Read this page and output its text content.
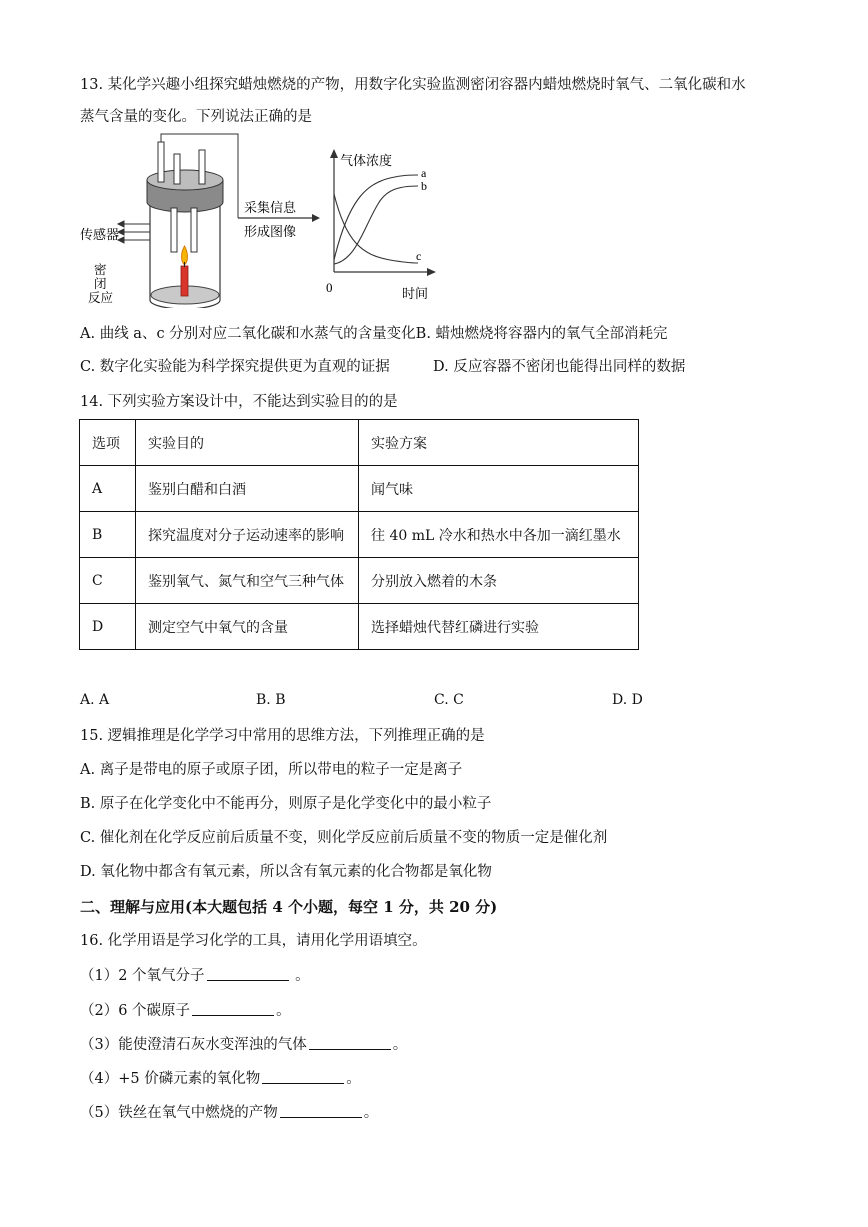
13. 某化学兴趣小组探究蜡烛燃烧的产物，用数字化实验监测密闭容器内蜡烛燃烧时氧气、二氧化碳和水
蒸气含量的变化。下列说法正确的是
传感器
密
闭
反应
采集信息
形成图像
气体浓度
a
b
c
0	时间
A. 曲线 a、c 分别对应二氧化碳和水蒸气的含量变化B. 蜡烛燃烧将容器内的氧气全部消耗完
C. 数字化实验能为科学探究提供更为直观的证据	D. 反应容器不密闭也能得出同样的数据
14. 下列实验方案设计中，不能达到实验目的的是
选项	实验目的	实验方案
A	鉴别白醋和白酒	闻气味
B	探究温度对分子运动速率的影响	往 40 mL 冷水和热水中各加一滴红墨水
C	鉴别氧气、氮气和空气三种气体	分别放入燃着的木条
D	测定空气中氧气的含量	选择蜡烛代替红磷进行实验
A. A	B. B	C. C	D. D
15. 逻辑推理是化学学习中常用的思维方法，下列推理正确的是
A. 离子是带电的原子或原子团，所以带电的粒子一定是离子
B. 原子在化学变化中不能再分，则原子是化学变化中的最小粒子
C. 催化剂在化学反应前后质量不变，则化学反应前后质量不变的物质一定是催化剂
D. 氧化物中都含有氧元素，所以含有氧元素的化合物都是氧化物
二、理解与应用(本大题包括 4 个小题，每空 1 分，共 20 分)
16. 化学用语是学习化学的工具，请用化学用语填空。
（1）2 个氧气分子	。
（2）6 个碳原子	。
（3）能使澄清石灰水变浑浊的气体	。
（4）+5 价磷元素的氧化物	。
（5）铁丝在氧气中燃烧的产物	。
